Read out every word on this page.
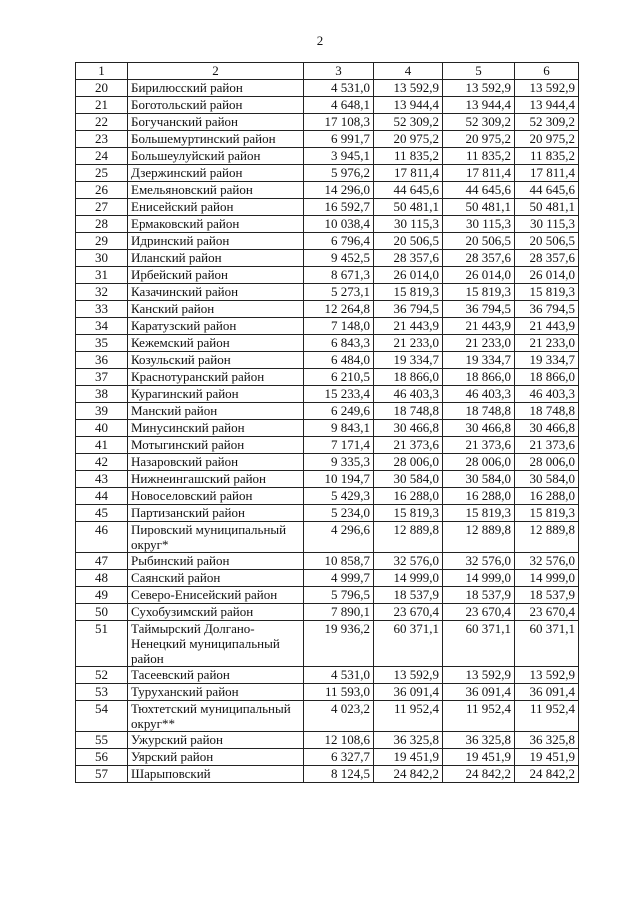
2
1	2	3	4	5	6
20	Бирилюсский район	4 531,0	13 592,9	13 592,9	13 592,9
21	Боготольский район	4 648,1	13 944,4	13 944,4	13 944,4
22	Богучанский район	17 108,3	52 309,2	52 309,2	52 309,2
23	Большемуртинский район	6 991,7	20 975,2	20 975,2	20 975,2
24	Большеулуйский район	3 945,1	11 835,2	11 835,2	11 835,2
25	Дзержинский район	5 976,2	17 811,4	17 811,4	17 811,4
26	Емельяновский район	14 296,0	44 645,6	44 645,6	44 645,6
27	Енисейский район	16 592,7	50 481,1	50 481,1	50 481,1
28	Ермаковский район	10 038,4	30 115,3	30 115,3	30 115,3
29	Идринский район	6 796,4	20 506,5	20 506,5	20 506,5
30	Иланский район	9 452,5	28 357,6	28 357,6	28 357,6
31	Ирбейский район	8 671,3	26 014,0	26 014,0	26 014,0
32	Казачинский район	5 273,1	15 819,3	15 819,3	15 819,3
33	Канский район	12 264,8	36 794,5	36 794,5	36 794,5
34	Каратузский район	7 148,0	21 443,9	21 443,9	21 443,9
35	Кежемский район	6 843,3	21 233,0	21 233,0	21 233,0
36	Козульский район	6 484,0	19 334,7	19 334,7	19 334,7
37	Краснотуранский район	6 210,5	18 866,0	18 866,0	18 866,0
38	Курагинский район	15 233,4	46 403,3	46 403,3	46 403,3
39	Манский район	6 249,6	18 748,8	18 748,8	18 748,8
40	Минусинский район	9 843,1	30 466,8	30 466,8	30 466,8
41	Мотыгинский район	7 171,4	21 373,6	21 373,6	21 373,6
42	Назаровский район	9 335,3	28 006,0	28 006,0	28 006,0
43	Нижнеингашский район	10 194,7	30 584,0	30 584,0	30 584,0
44	Новоселовский район	5 429,3	16 288,0	16 288,0	16 288,0
45	Партизанский район	5 234,0	15 819,3	15 819,3	15 819,3
46	Пировский муниципальный округ*	4 296,6	12 889,8	12 889,8	12 889,8
47	Рыбинский район	10 858,7	32 576,0	32 576,0	32 576,0
48	Саянский район	4 999,7	14 999,0	14 999,0	14 999,0
49	Северо-Енисейский район	5 796,5	18 537,9	18 537,9	18 537,9
50	Сухобузимский район	7 890,1	23 670,4	23 670,4	23 670,4
51	Таймырский Долгано-Ненецкий муниципальный район	19 936,2	60 371,1	60 371,1	60 371,1
52	Тасеевский район	4 531,0	13 592,9	13 592,9	13 592,9
53	Туруханский район	11 593,0	36 091,4	36 091,4	36 091,4
54	Тюхтетский муниципальный округ**	4 023,2	11 952,4	11 952,4	11 952,4
55	Ужурский район	12 108,6	36 325,8	36 325,8	36 325,8
56	Уярский район	6 327,7	19 451,9	19 451,9	19 451,9
57	Шарыповский	8 124,5	24 842,2	24 842,2	24 842,2
